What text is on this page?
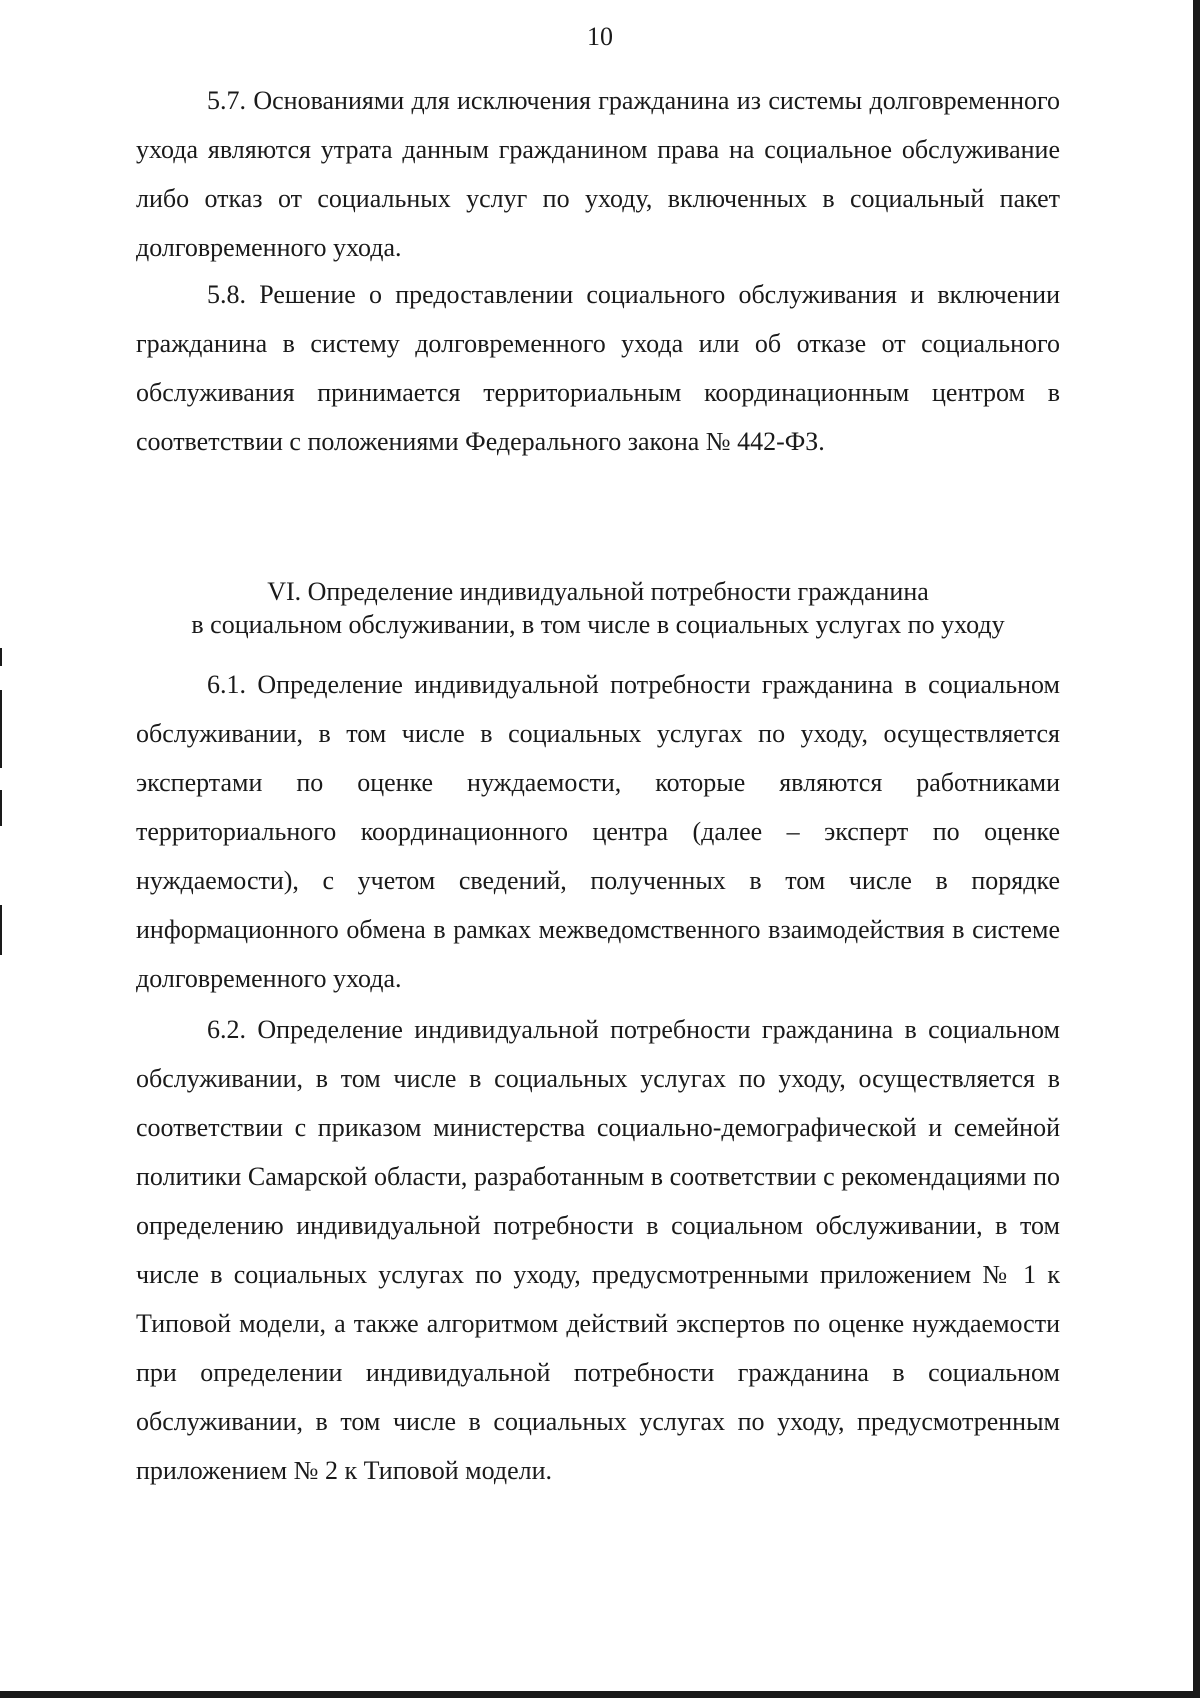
10

5.7. Основаниями для исключения гражданина из системы долговременного ухода являются утрата данным гражданином права на социальное обслуживание либо отказ от социальных услуг по уходу, включенных в социальный пакет долговременного ухода.

5.8. Решение о предоставлении социального обслуживания и включении гражданина в систему долговременного ухода или об отказе от социального обслуживания принимается территориальным координационным центром в соответствии с положениями Федерального закона № 442-ФЗ.

VI. Определение индивидуальной потребности гражданина
в социальном обслуживании, в том числе в социальных услугах по уходу

6.1. Определение индивидуальной потребности гражданина в социальном обслуживании, в том числе в социальных услугах по уходу, осуществляется экспертами по оценке нуждаемости, которые являются работниками территориального координационного центра (далее – эксперт по оценке нуждаемости), с учетом сведений, полученных в том числе в порядке информационного обмена в рамках межведомственного взаимодействия в системе долговременного ухода.

6.2. Определение индивидуальной потребности гражданина в социальном обслуживании, в том числе в социальных услугах по уходу, осуществляется в соответствии с приказом министерства социально-демографической и семейной политики Самарской области, разработанным в соответствии с рекомендациями по определению индивидуальной потребности в социальном обслуживании, в том числе в социальных услугах по уходу, предусмотренными приложением № 1 к Типовой модели, а также алгоритмом действий экспертов по оценке нуждаемости при определении индивидуальной потребности гражданина в социальном обслуживании, в том числе в социальных услугах по уходу, предусмотренным приложением № 2 к Типовой модели.
